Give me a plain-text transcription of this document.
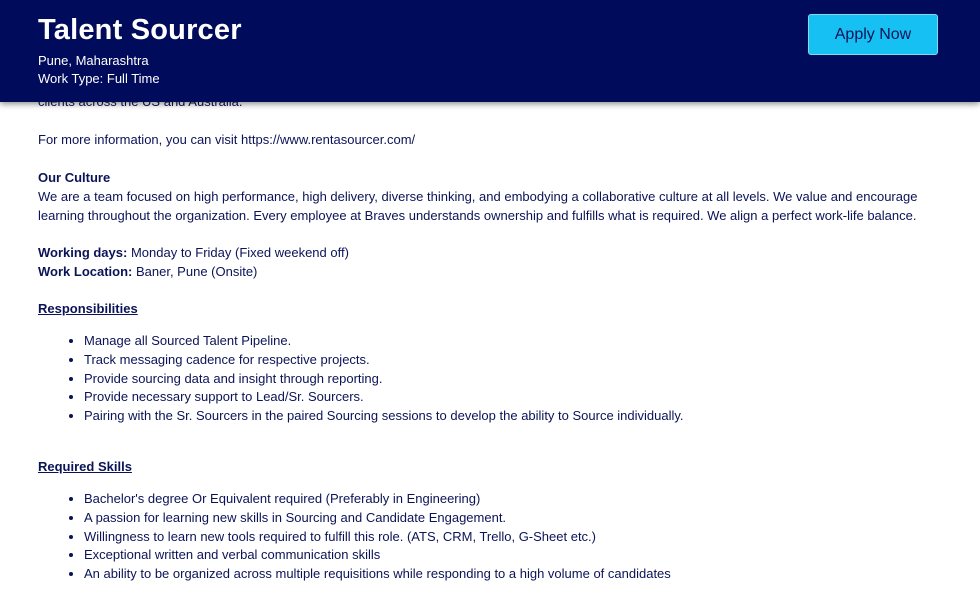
For more information, you can visit https://www.rentasourcer.com/

Our Culture

We are a team focused on high performance, high delivery, diverse thinking, and embodying a collaborative culture at all levels. We value and encourage learning throughout the organization. Every employee at Braves understands ownership and fulfills what is required. We align a perfect work-life balance.

Working days: Monday to Friday (Fixed weekend off)

Work Location: Baner, Pune (Onsite)

Responsibilities

• Manage all Sourced Talent Pipeline.
• Track messaging cadence for respective projects.
• Provide sourcing data and insight through reporting.
• Provide necessary support to Lead/Sr. Sourcers.
• Pairing with the Sr. Sourcers in the paired Sourcing sessions to develop the ability to Source individually.

Required Skills

• Bachelor's degree Or Equivalent required (Preferably in Engineering)
• A passion for learning new skills in Sourcing and Candidate Engagement.
• Willingness to learn new tools required to fulfill this role. (ATS, CRM, Trello, G-Sheet etc.)
• Exceptional written and verbal communication skills
• An ability to be organized across multiple requisitions while responding to a high volume of candidates
Talent Sourcer
Pune, Maharashtra
Work Type: Full Time
Apply Now
